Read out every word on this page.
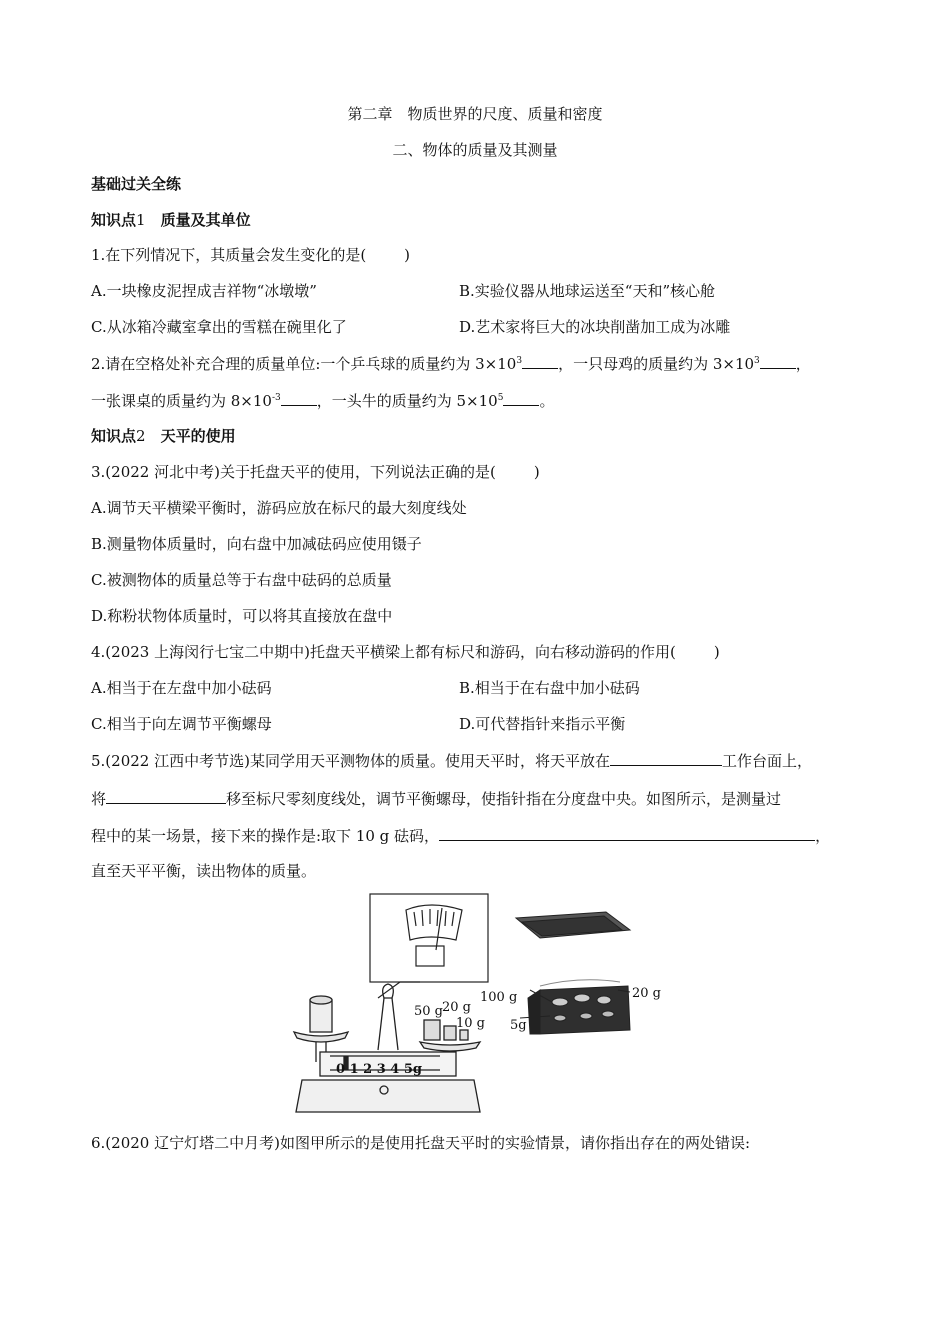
第二章　物质世界的尺度、质量和密度
二、物体的质量及其测量
基础过关全练
知识点1　 质量及其单位
1.在下列情况下，其质量会发生变化的是(	)
A.一块橡皮泥捏成吉祥物“冰墩墩”	B.实验仪器从地球运送至“天和”核心舱
C.从冰箱冷藏室拿出的雪糕在碗里化了	D.艺术家将巨大的冰块削凿加工成为冰雕
2.请在空格处补充合理的质量单位:一个乒乓球的质量约为 $3\times 10^3$ ，一只母鸡的质量约为 $3\times 10^3$ ，
一张课桌的质量约为 $8\times 10^{-3}$ ，一头牛的质量约为 $5\times 10^5$ 。
知识点2　 天平的使用
3.(2022 河北中考)关于托盘天平的使用，下列说法正确的是(	)
A.调节天平横梁平衡时，游码应放在标尺的最大刻度线处
B.测量物体质量时，向右盘中加减砝码应使用镊子
C.被测物体的质量总等于右盘中砝码的总质量
D.称粉状物体质量时，可以将其直接放在盘中
4.(2023 上海闵行七宝二中期中)托盘天平横梁上都有标尺和游码，向右移动游码的作用(	)
A.相当于在左盘中加小砝码	B.相当于在右盘中加小砝码
C.相当于向左调节平衡螺母	D.可代替指针来指示平衡
5.(2022 江西中考节选)某同学用天平测物体的质量。使用天平时，将天平放在	工作台面上，
将	移至标尺零刻度线处，调节平衡螺母，使指针指在分度盘中央。如图所示，是测量过
程中的某一场景，接下来的操作是:取下 10 g 砝码，	，
直至天平平衡，读出物体的质量。
50 g 20 g
10 g
0 1 2 3 4 5g
100 g	20 g
5g
6.(2020 辽宁灯塔二中月考)如图甲所示的是使用托盘天平时的实验情景，请你指出存在的两处错误:
